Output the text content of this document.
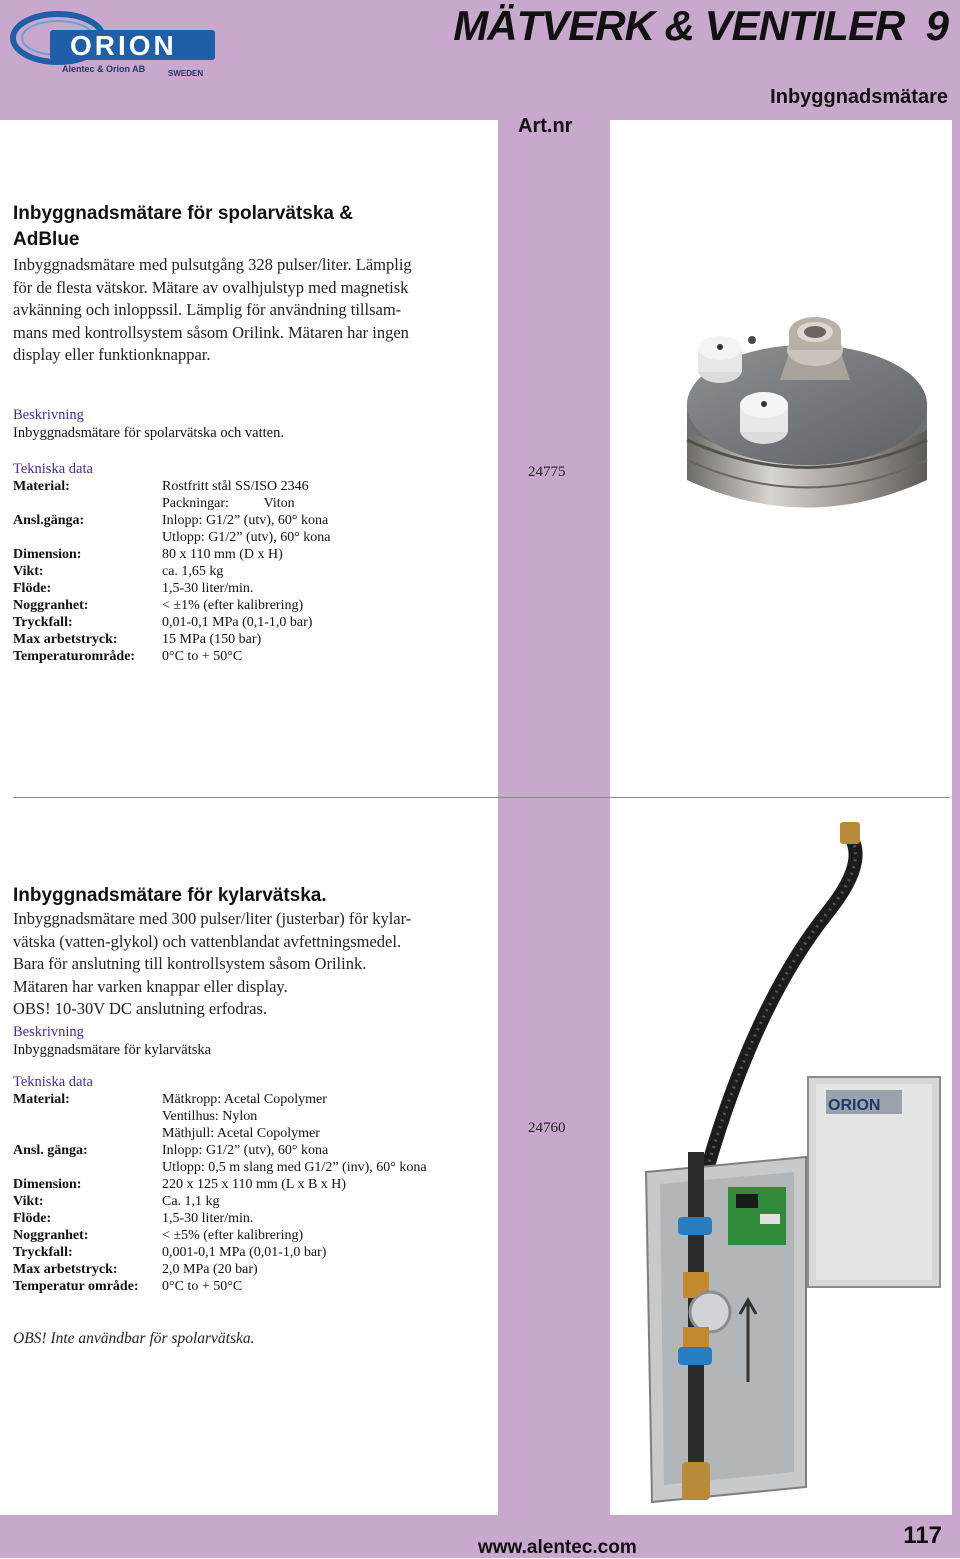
ORION
Alentec & Orion AB	SWEDEN
MÄTVERK & VENTILER 9
Inbyggnadsmätare
Art.nr
Inbyggnadsmätare för spolarvätska &
AdBlue
Inbyggnadsmätare med pulsutgång 328 pulser/liter. Lämplig
för de flesta vätskor. Mätare av ovalhjulstyp med magnetisk
avkänning och inloppssil. Lämplig för användning tillsam-
mans med kontrollsystem såsom Orilink. Mätaren har ingen
display eller funktionknappar.
Beskrivning
Inbyggnadsmätare för spolarvätska och vatten.
Tekniska data
Material:	Rostfritt stål SS/ISO 2346
Packningar:          Viton
Ansl.gänga:	Inlopp: G1/2” (utv), 60° kona
Utlopp: G1/2” (utv), 60° kona
Dimension:	80 x 110 mm (D x H)
Vikt:	ca. 1,65 kg
Flöde:	1,5-30 liter/min.
Noggranhet:	< ±1% (efter kalibrering)
Tryckfall:	0,01-0,1 MPa (0,1-1,0 bar)
Max arbetstryck:	15 MPa (150 bar)
Temperaturområde:	0°C to + 50°C
24775
Inbyggnadsmätare för kylarvätska.
Inbyggnadsmätare med 300 pulser/liter (justerbar) för kylar-
vätska (vatten-glykol) och vattenblandat avfettningsmedel.
Bara för anslutning till kontrollsystem såsom Orilink.
Mätaren har varken knappar eller display.
OBS! 10-30V DC anslutning erfodras.
Beskrivning
Inbyggnadsmätare för kylarvätska
Tekniska data
Material:	Mätkropp: Acetal Copolymer
Ventilhus: Nylon
Mäthjull: Acetal Copolymer
Ansl. gänga:	Inlopp: G1/2” (utv), 60° kona
Utlopp: 0,5 m slang med G1/2” (inv), 60° kona
Dimension:	220 x 125 x 110 mm (L x B x H)
Vikt:	Ca. 1,1 kg
Flöde:	1,5-30 liter/min.
Noggranhet:	< ±5% (efter kalibrering)
Tryckfall:	0,001-0,1 MPa (0,01-1,0 bar)
Max arbetstryck:	2,0 MPa (20 bar)
Temperatur område:	0°C to + 50°C
24760
OBS! Inte användbar för spolarvätska.
ORION
www.alentec.com	117
